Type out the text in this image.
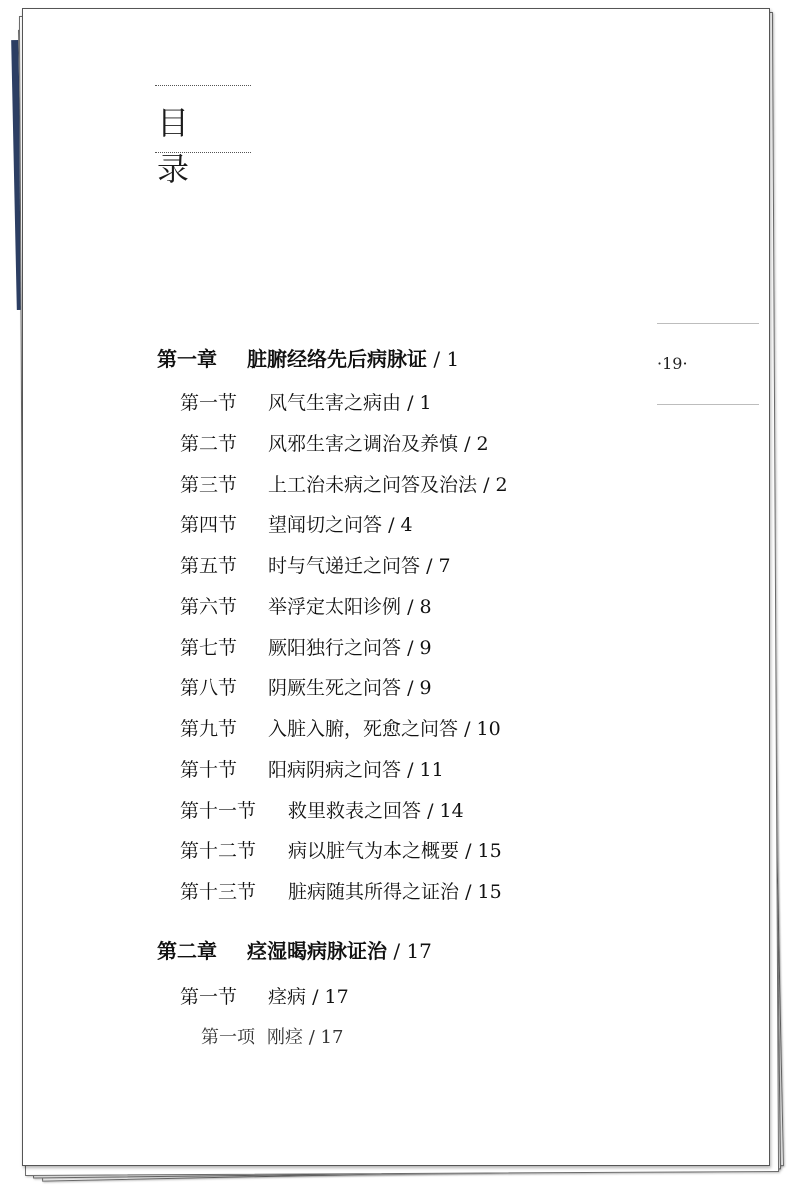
目 录
·19·
第一章	脏腑经络先后病脉证 / 1
第一节	风气生害之病由 / 1
第二节	风邪生害之调治及养慎 / 2
第三节	上工治未病之问答及治法 / 2
第四节	望闻切之问答 / 4
第五节	时与气递迁之问答 / 7
第六节	举浮定太阳诊例 / 8
第七节	厥阳独行之问答 / 9
第八节	阴厥生死之问答 / 9
第九节	入脏入腑，死愈之问答 / 10
第十节	阳病阴病之问答 / 11
第十一节	救里救表之回答 / 14
第十二节	病以脏气为本之概要 / 15
第十三节	脏病随其所得之证治 / 15
第二章	痉湿暍病脉证治 / 17
第一节	痉病 / 17
第一项 刚痉 / 17
